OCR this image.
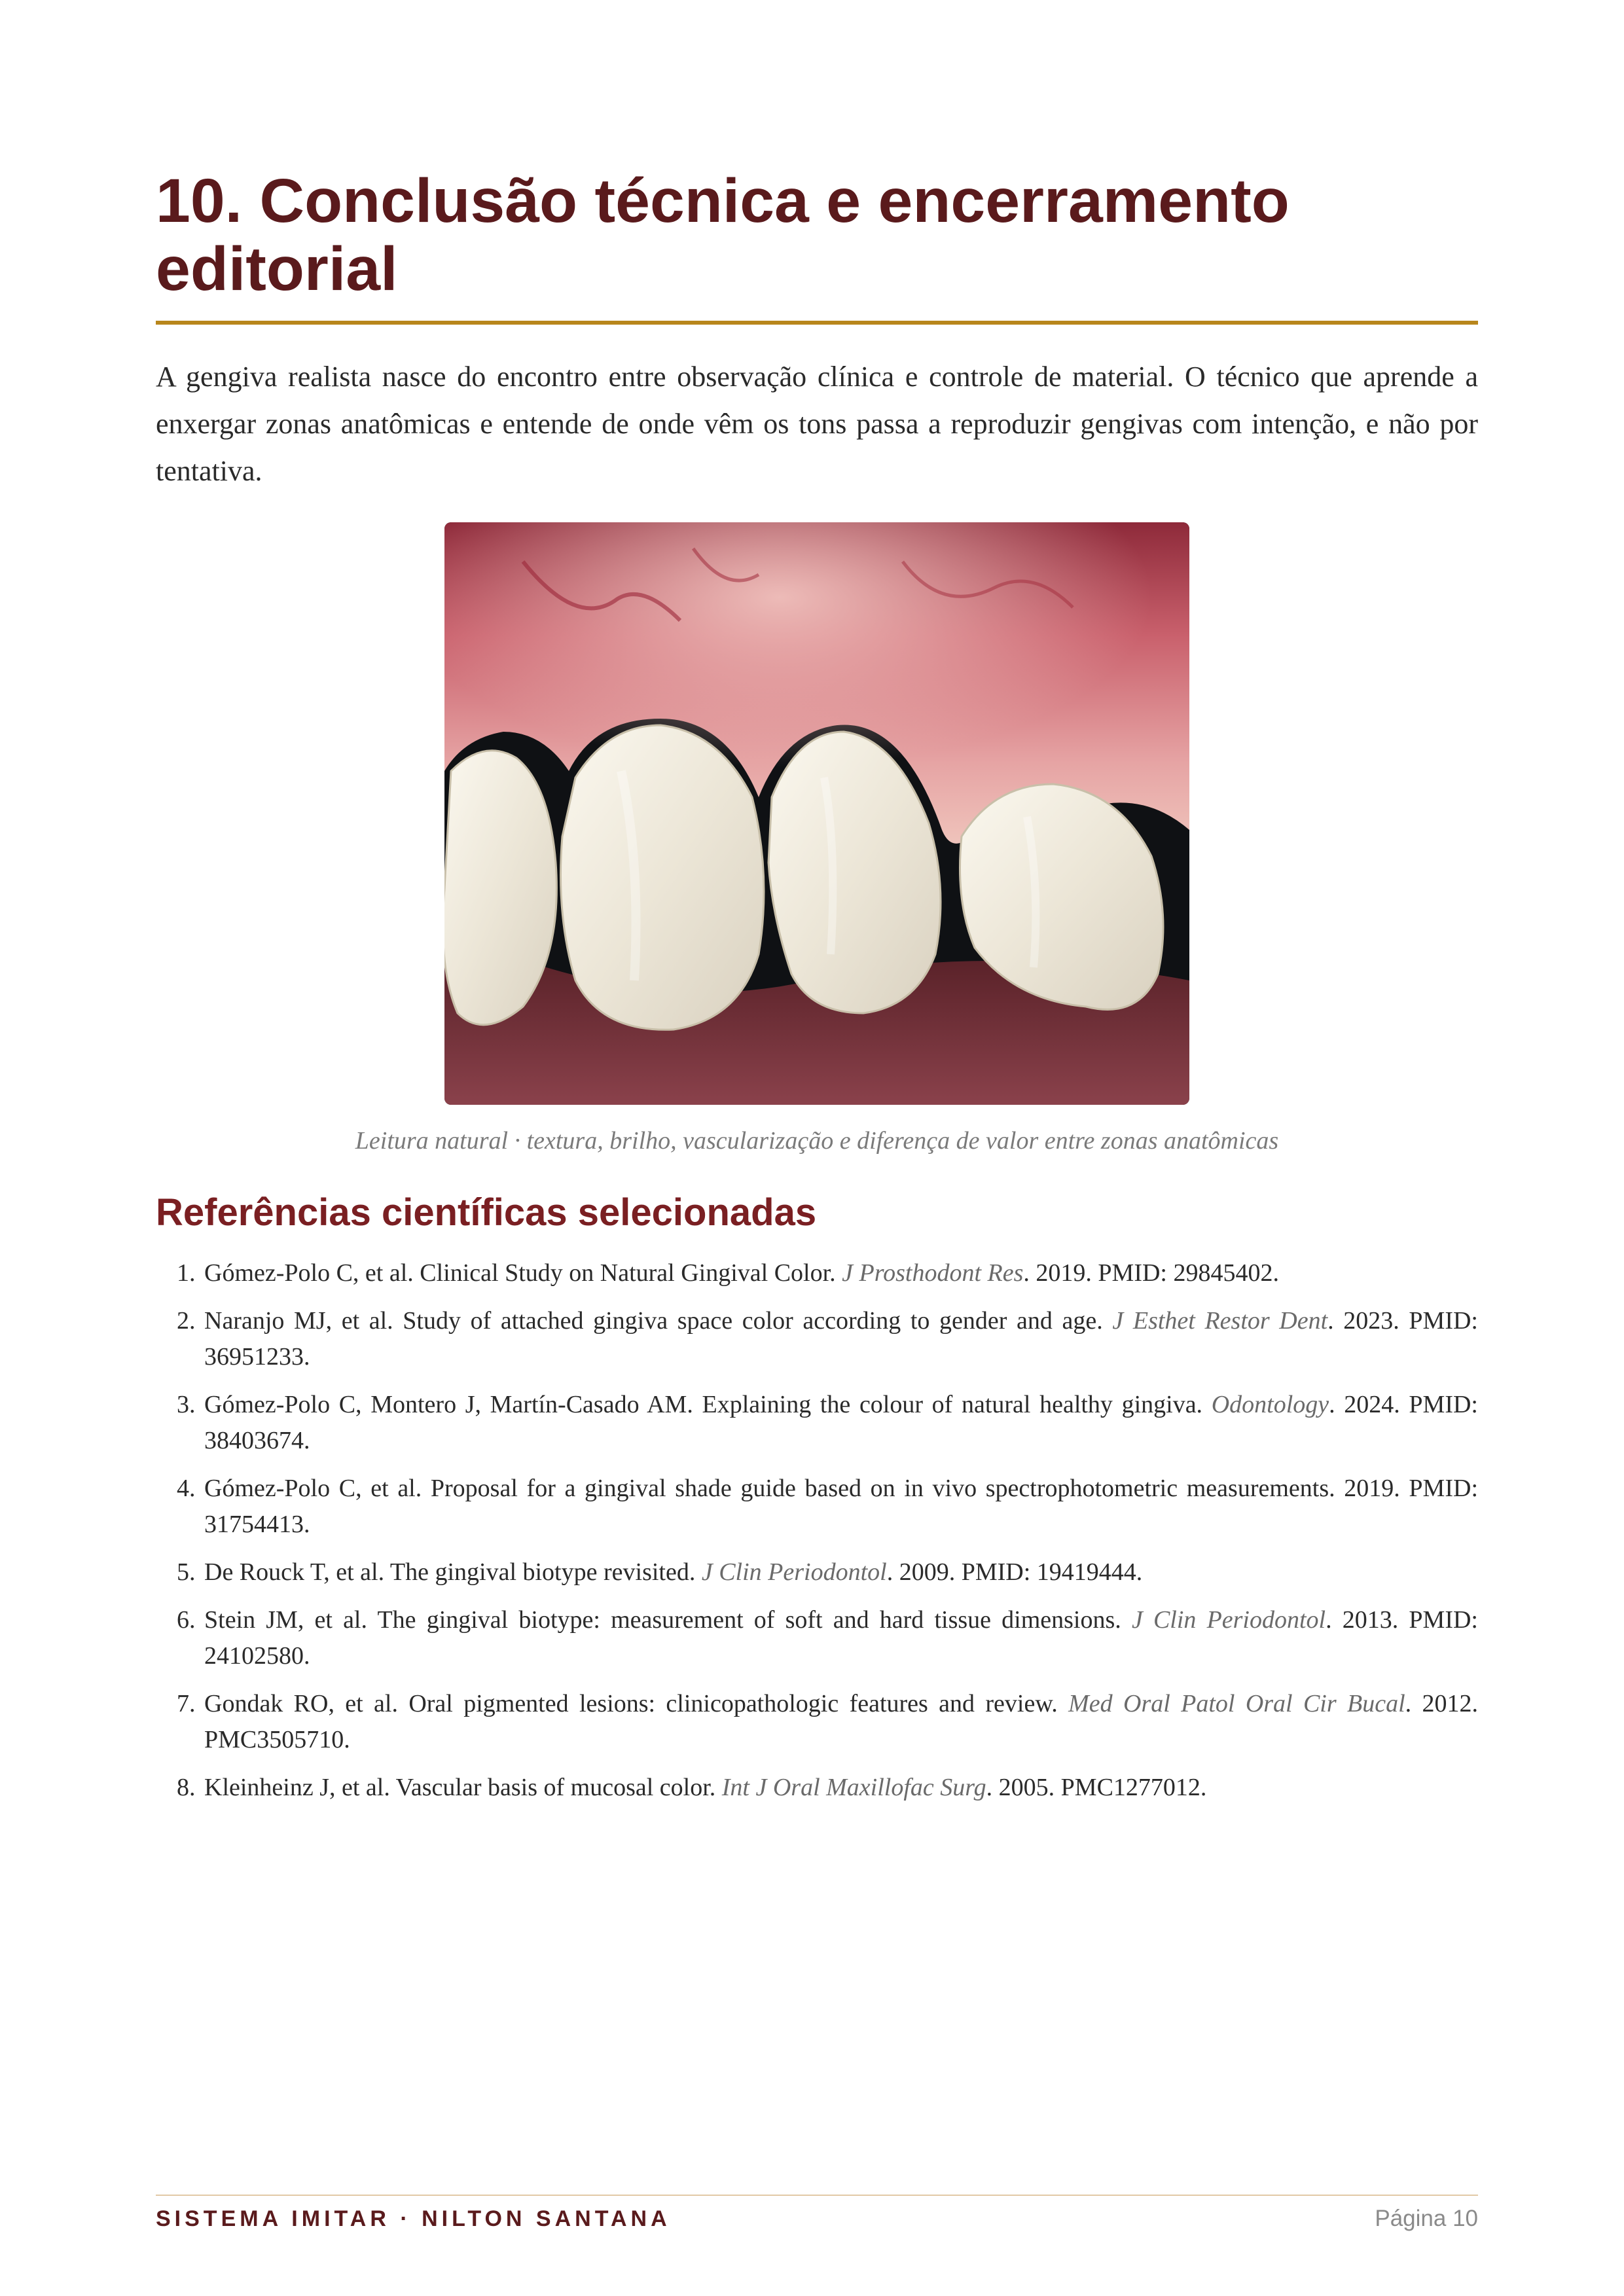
10. Conclusão técnica e encerramento editorial

A gengiva realista nasce do encontro entre observação clínica e controle de material. O técnico que aprende a enxergar zonas anatômicas e entende de onde vêm os tons passa a reproduzir gengivas com intenção, e não por tentativa.

Leitura natural · textura, brilho, vascularização e diferença de valor entre zonas anatômicas

Referências científicas selecionadas
1. Gómez-Polo C, et al. Clinical Study on Natural Gingival Color. J Prosthodont Res. 2019. PMID: 29845402.
2. Naranjo MJ, et al. Study of attached gingiva space color according to gender and age. J Esthet Restor Dent. 2023. PMID: 36951233.
3. Gómez-Polo C, Montero J, Martín-Casado AM. Explaining the colour of natural healthy gingiva. Odontology. 2024. PMID: 38403674.
4. Gómez-Polo C, et al. Proposal for a gingival shade guide based on in vivo spectrophotometric measurements. 2019. PMID: 31754413.
5. De Rouck T, et al. The gingival biotype revisited. J Clin Periodontol. 2009. PMID: 19419444.
6. Stein JM, et al. The gingival biotype: measurement of soft and hard tissue dimensions. J Clin Periodontol. 2013. PMID: 24102580.
7. Gondak RO, et al. Oral pigmented lesions: clinicopathologic features and review. Med Oral Patol Oral Cir Bucal. 2012. PMC3505710.
8. Kleinheinz J, et al. Vascular basis of mucosal color. Int J Oral Maxillofac Surg. 2005. PMC1277012.
SISTEMA IMITAR · NILTON SANTANA	Página 10
